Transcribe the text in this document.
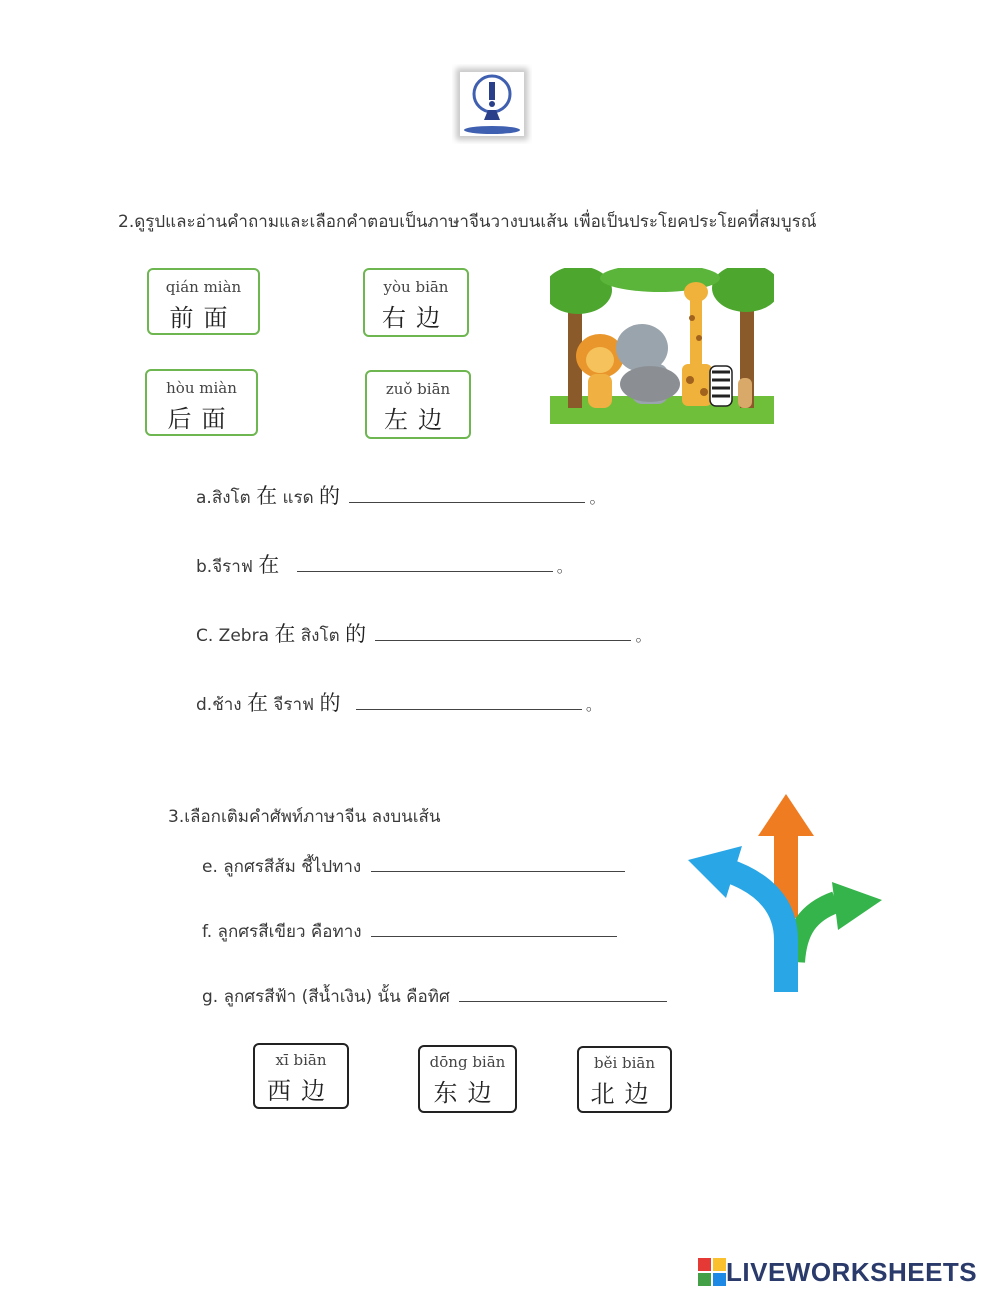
2.ดูรูปและอ่านคำถามและเลือกคำตอบเป็นภาษาจีนวางบนเส้น เพื่อเป็นประโยคประโยคที่สมบูรณ์
qián miàn
前面
yòu biān
右边
hòu miàn
后面
zuǒ biān
左边
a.สิงโต 在 แรด 的	。
b.จีราฟ 在	。
C. Zebra 在 สิงโต 的	。
d.ช้าง 在 จีราฟ 的	。
3.เลือกเติมคำศัพท์ภาษาจีน ลงบนเส้น
e. ลูกศรสีส้ม ชี้ไปทาง
f. ลูกศรสีเขียว คือทาง
g. ลูกศรสีฟ้า (สีน้ำเงิน) นั้น คือทิศ
xī biān
西边
dōng biān
东边
běi biān
北边
LIVEWORKSHEETS
